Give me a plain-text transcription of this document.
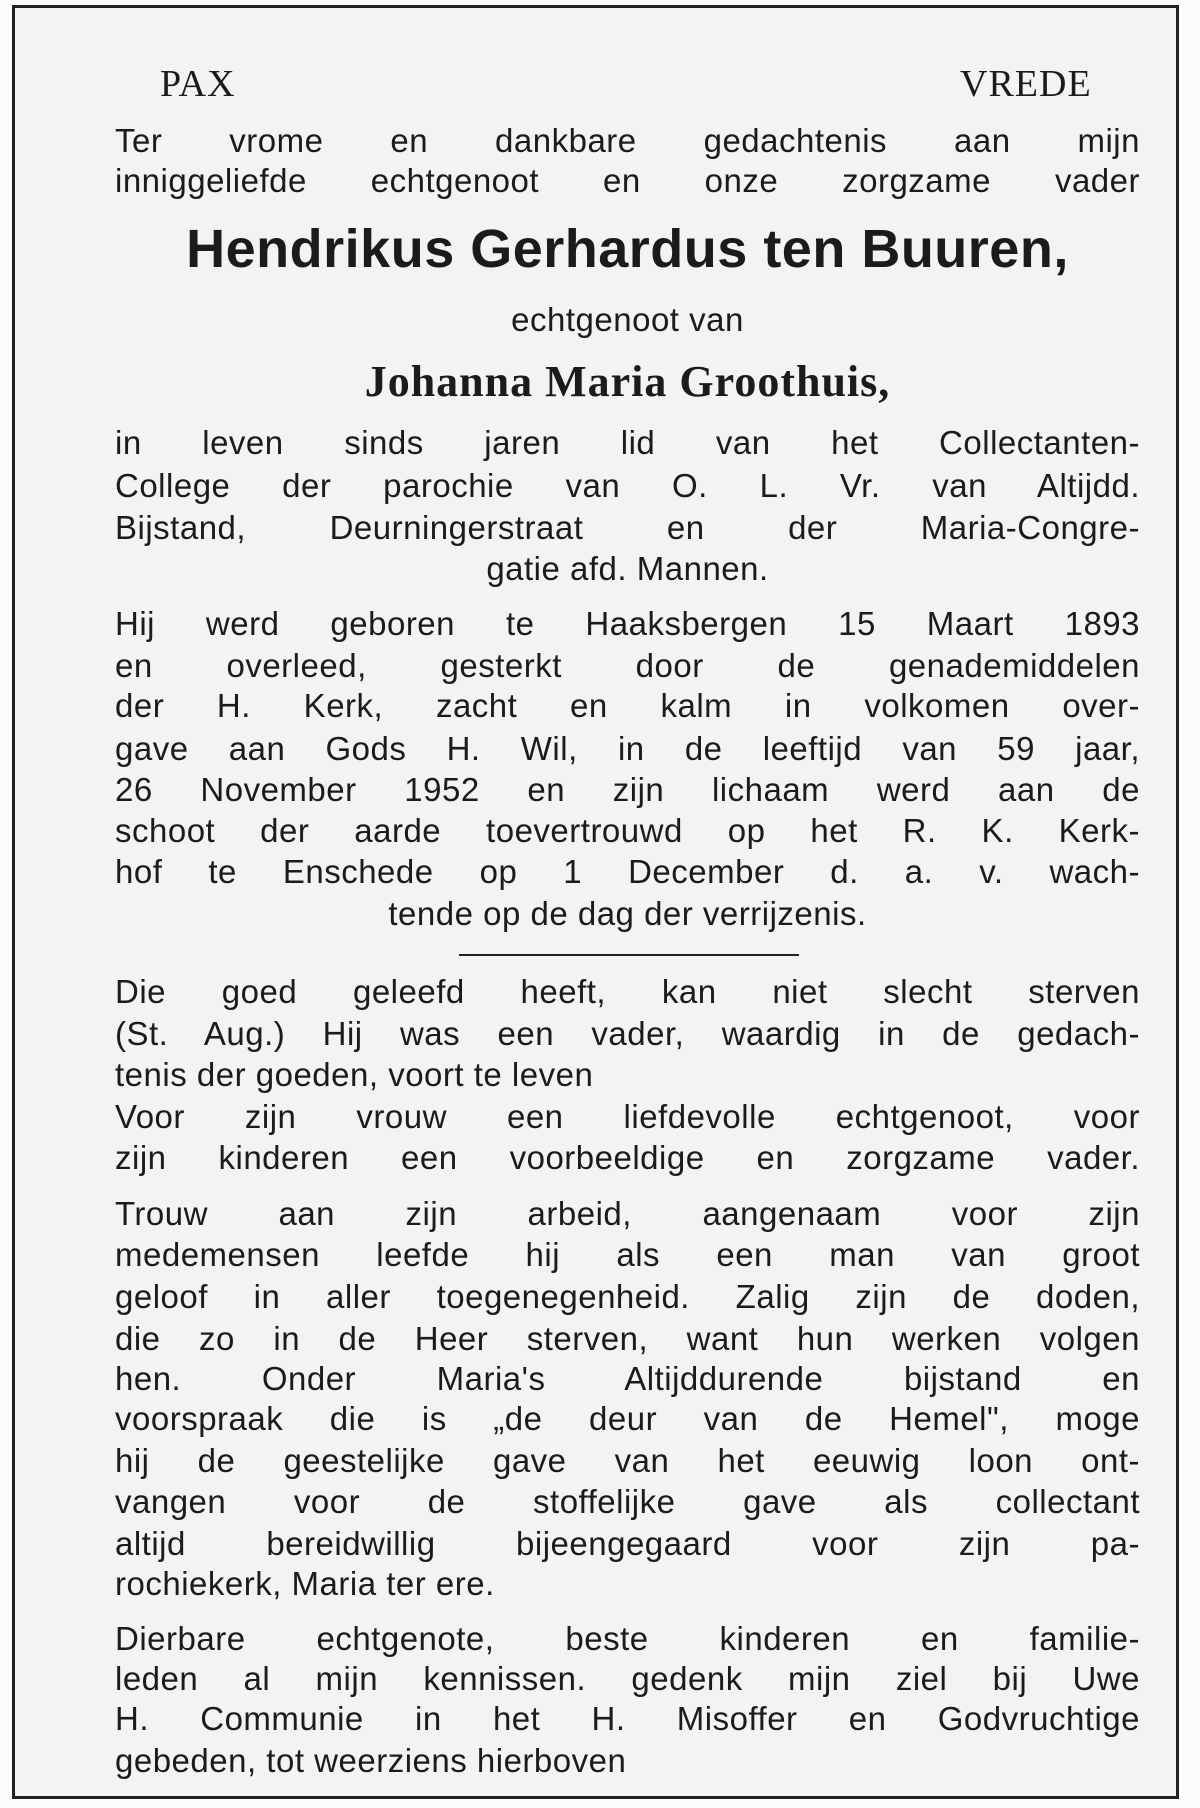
PAX	VREDE
Ter vrome en dankbare gedachtenis aan mijn
inniggeliefde echtgenoot en onze zorgzame vader
Hendrikus Gerhardus ten Buuren,
echtgenoot van
Johanna Maria Groothuis,
in leven sinds jaren lid van het Collectanten-
College der parochie van O. L. Vr. van Altijdd.
Bijstand, Deurningerstraat en der Maria-Congre-
gatie afd. Mannen.
Hij werd geboren te Haaksbergen 15 Maart 1893
en overleed, gesterkt door de genademiddelen
der H. Kerk, zacht en kalm in volkomen over-
gave aan Gods H. Wil, in de leeftijd van 59 jaar,
26 November 1952 en zijn lichaam werd aan de
schoot der aarde toevertrouwd op het R. K. Kerk-
hof te Enschede op 1 December d. a. v. wach-
tende op de dag der verrijzenis.
Die goed geleefd heeft, kan niet slecht sterven
(St. Aug.) Hij was een vader, waardig in de gedach-
tenis der goeden, voort te leven
Voor zijn vrouw een liefdevolle echtgenoot, voor
zijn kinderen een voorbeeldige en zorgzame vader.
Trouw aan zijn arbeid, aangenaam voor zijn
medemensen leefde hij als een man van groot
geloof in aller toegenegenheid. Zalig zijn de doden,
die zo in de Heer sterven, want hun werken volgen
hen. Onder Maria's Altijddurende bijstand en
voorspraak die is „de deur van de Hemel", moge
hij de geestelijke gave van het eeuwig loon ont-
vangen voor de stoffelijke gave als collectant
altijd bereidwillig bijeengegaard voor zijn pa-
rochiekerk, Maria ter ere.
Dierbare echtgenote, beste kinderen en familie-
leden al mijn kennissen. gedenk mijn ziel bij Uwe
H. Communie in het H. Misoffer en Godvruchtige
gebeden, tot weerziens hierboven
